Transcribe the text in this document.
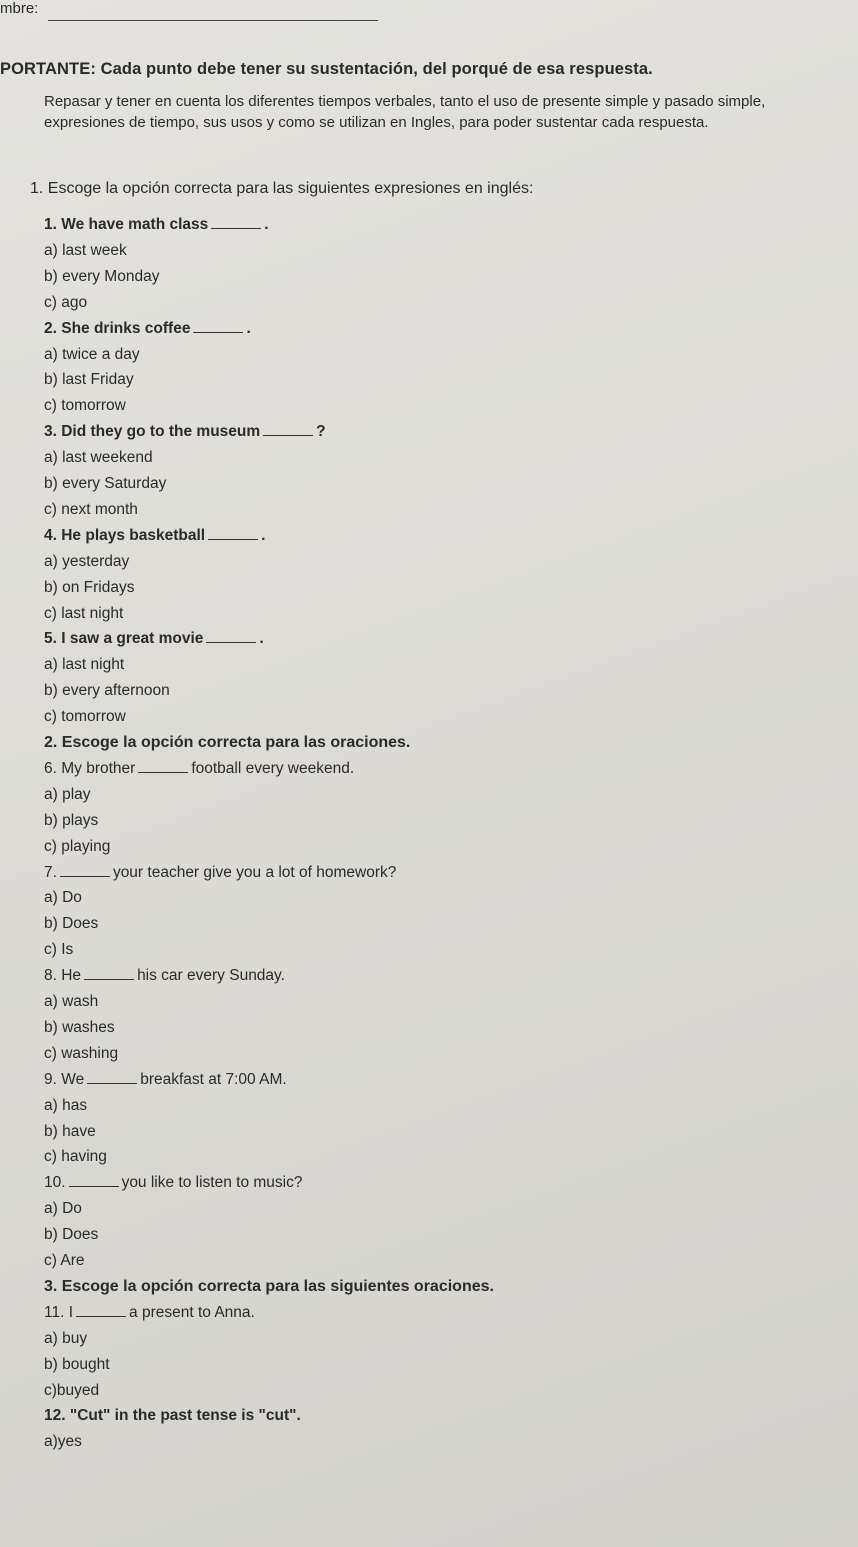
mbre:
PORTANTE: Cada punto debe tener su sustentación, del porqué de esa respuesta.
Repasar y tener en cuenta los diferentes tiempos verbales, tanto el uso de presente simple y pasado simple, expresiones de tiempo, sus usos y como se utilizan en Ingles, para poder sustentar cada respuesta.
1. Escoge la opción correcta para las siguientes expresiones en inglés:
1. We have math class	.
a) last week
b) every Monday
c) ago
2. She drinks coffee	.
a) twice a day
b) last Friday
c) tomorrow
3. Did they go to the museum	?
a) last weekend
b) every Saturday
c) next month
4. He plays basketball	.
a) yesterday
b) on Fridays
c) last night
5. I saw a great movie	.
a) last night
b) every afternoon
c) tomorrow
2. Escoge la opción correcta para las oraciones.
6. My brother	football every weekend.
a) play
b) plays
c) playing
7.	your teacher give you a lot of homework?
a) Do
b) Does
c) Is
8. He	his car every Sunday.
a) wash
b) washes
c) washing
9. We	breakfast at 7:00 AM.
a) has
b) have
c) having
10.	you like to listen to music?
a) Do
b) Does
c) Are
3. Escoge la opción correcta para las siguientes oraciones.
11. I	a present to Anna.
a) buy
b) bought
c)buyed
12. "Cut" in the past tense is "cut".
a)yes
